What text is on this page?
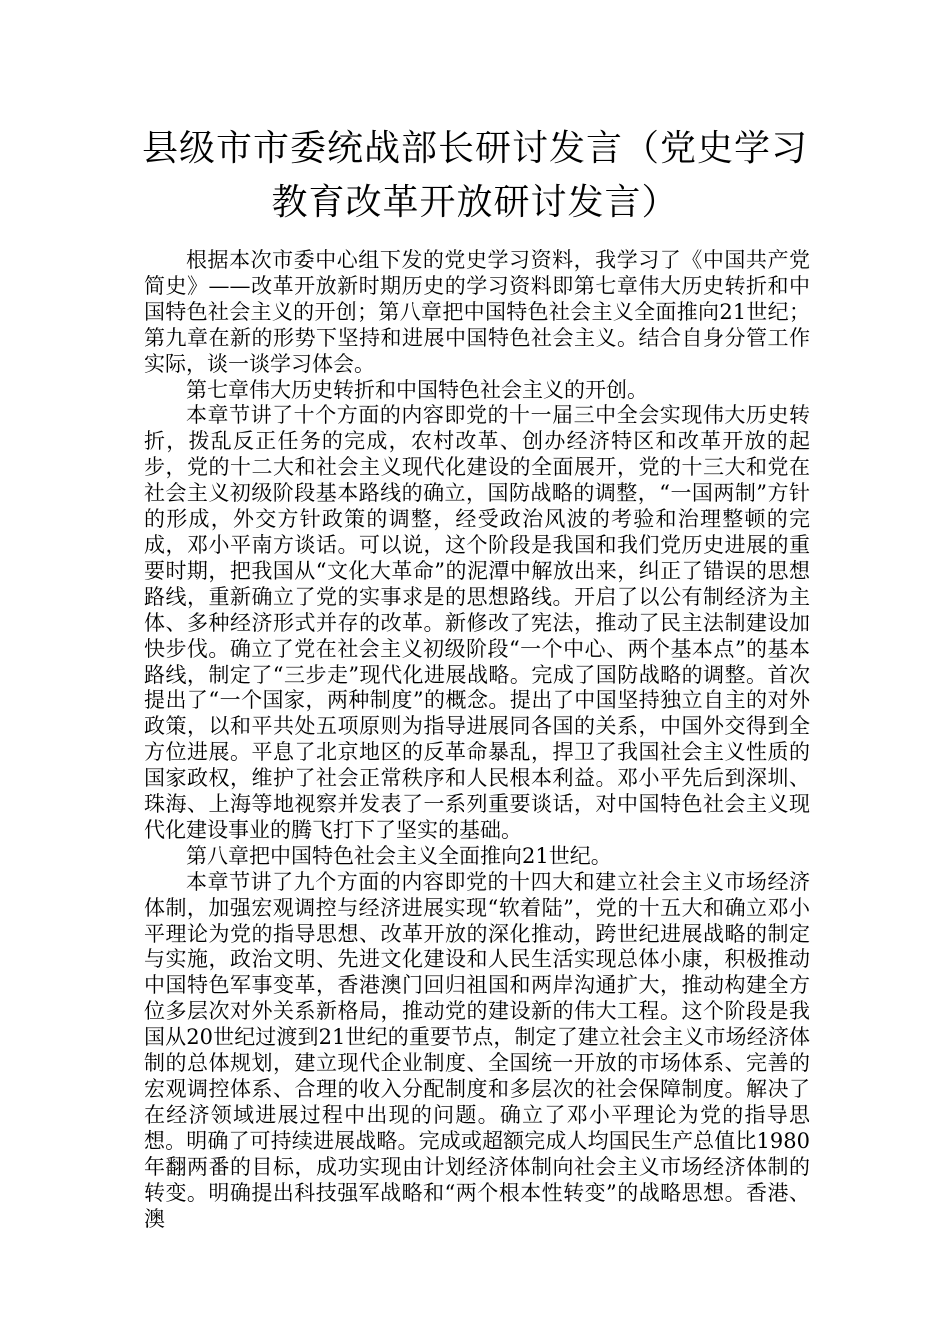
县级市市委统战部长研讨发言（党史学习
教育改革开放研讨发言）

根据本次市委中心组下发的党史学习资料，我学习了《中国共产党简史》——改革开放新时期历史的学习资料即第七章伟大历史转折和中国特色社会主义的开创；第八章把中国特色社会主义全面推向21世纪；第九章在新的形势下坚持和进展中国特色社会主义。结合自身分管工作实际，谈一谈学习体会。

第七章伟大历史转折和中国特色社会主义的开创。

本章节讲了十个方面的内容即党的十一届三中全会实现伟大历史转折，拨乱反正任务的完成，农村改革、创办经济特区和改革开放的起步，党的十二大和社会主义现代化建设的全面展开，党的十三大和党在社会主义初级阶段基本路线的确立，国防战略的调整，“一国两制”方针的形成，外交方针政策的调整，经受政治风波的考验和治理整顿的完成，邓小平南方谈话。可以说，这个阶段是我国和我们党历史进展的重要时期，把我国从“文化大革命”的泥潭中解放出来，纠正了错误的思想路线，重新确立了党的实事求是的思想路线。开启了以公有制经济为主体、多种经济形式并存的改革。新修改了宪法，推动了民主法制建设加快步伐。确立了党在社会主义初级阶段“一个中心、两个基本点”的基本路线，制定了“三步走”现代化进展战略。完成了国防战略的调整。首次提出了“一个国家，两种制度”的概念。提出了中国坚持独立自主的对外政策，以和平共处五项原则为指导进展同各国的关系，中国外交得到全方位进展。平息了北京地区的反革命暴乱，捍卫了我国社会主义性质的国家政权，维护了社会正常秩序和人民根本利益。邓小平先后到深圳、珠海、上海等地视察并发表了一系列重要谈话，对中国特色社会主义现代化建设事业的腾飞打下了坚实的基础。

第八章把中国特色社会主义全面推向21世纪。

本章节讲了九个方面的内容即党的十四大和建立社会主义市场经济体制，加强宏观调控与经济进展实现“软着陆”，党的十五大和确立邓小平理论为党的指导思想、改革开放的深化推动，跨世纪进展战略的制定与实施，政治文明、先进文化建设和人民生活实现总体小康，积极推动中国特色军事变革，香港澳门回归祖国和两岸沟通扩大，推动构建全方位多层次对外关系新格局，推动党的建设新的伟大工程。这个阶段是我国从20世纪过渡到21世纪的重要节点，制定了建立社会主义市场经济体制的总体规划，建立现代企业制度、全国统一开放的市场体系、完善的宏观调控体系、合理的收入分配制度和多层次的社会保障制度。解决了在经济领域进展过程中出现的问题。确立了邓小平理论为党的指导思想。明确了可持续进展战略。完成或超额完成人均国民生产总值比1980年翻两番的目标，成功实现由计划经济体制向社会主义市场经济体制的转变。明确提出科技强军战略和“两个根本性转变”的战略思想。香港、澳
